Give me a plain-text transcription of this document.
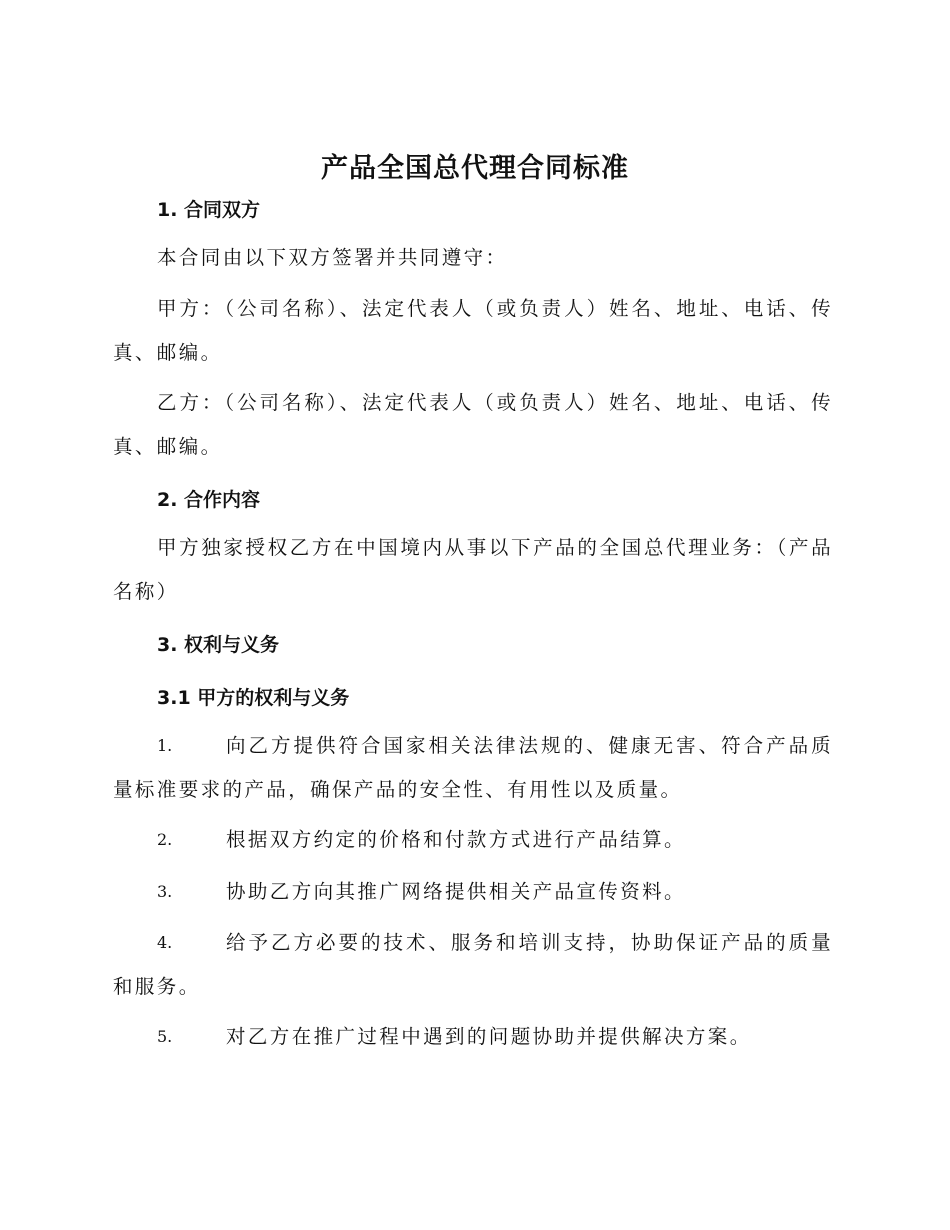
产品全国总代理合同标准
1. 合同双方

本合同由以下双方签署并共同遵守：

甲方：（公司名称）、法定代表人（或负责人）姓名、地址、电话、传真、邮编。

乙方：（公司名称）、法定代表人（或负责人）姓名、地址、电话、传真、邮编。

2. 合作内容

甲方独家授权乙方在中国境内从事以下产品的全国总代理业务：（产品名称）

3. 权利与义务
3.1 甲方的权利与义务
1.	向乙方提供符合国家相关法律法规的、健康无害、符合产品质量标准要求的产品，确保产品的安全性、有用性以及质量。
2.	根据双方约定的价格和付款方式进行产品结算。
3.	协助乙方向其推广网络提供相关产品宣传资料。
4.	给予乙方必要的技术、服务和培训支持，协助保证产品的质量和服务。
5.	对乙方在推广过程中遇到的问题协助并提供解决方案。
